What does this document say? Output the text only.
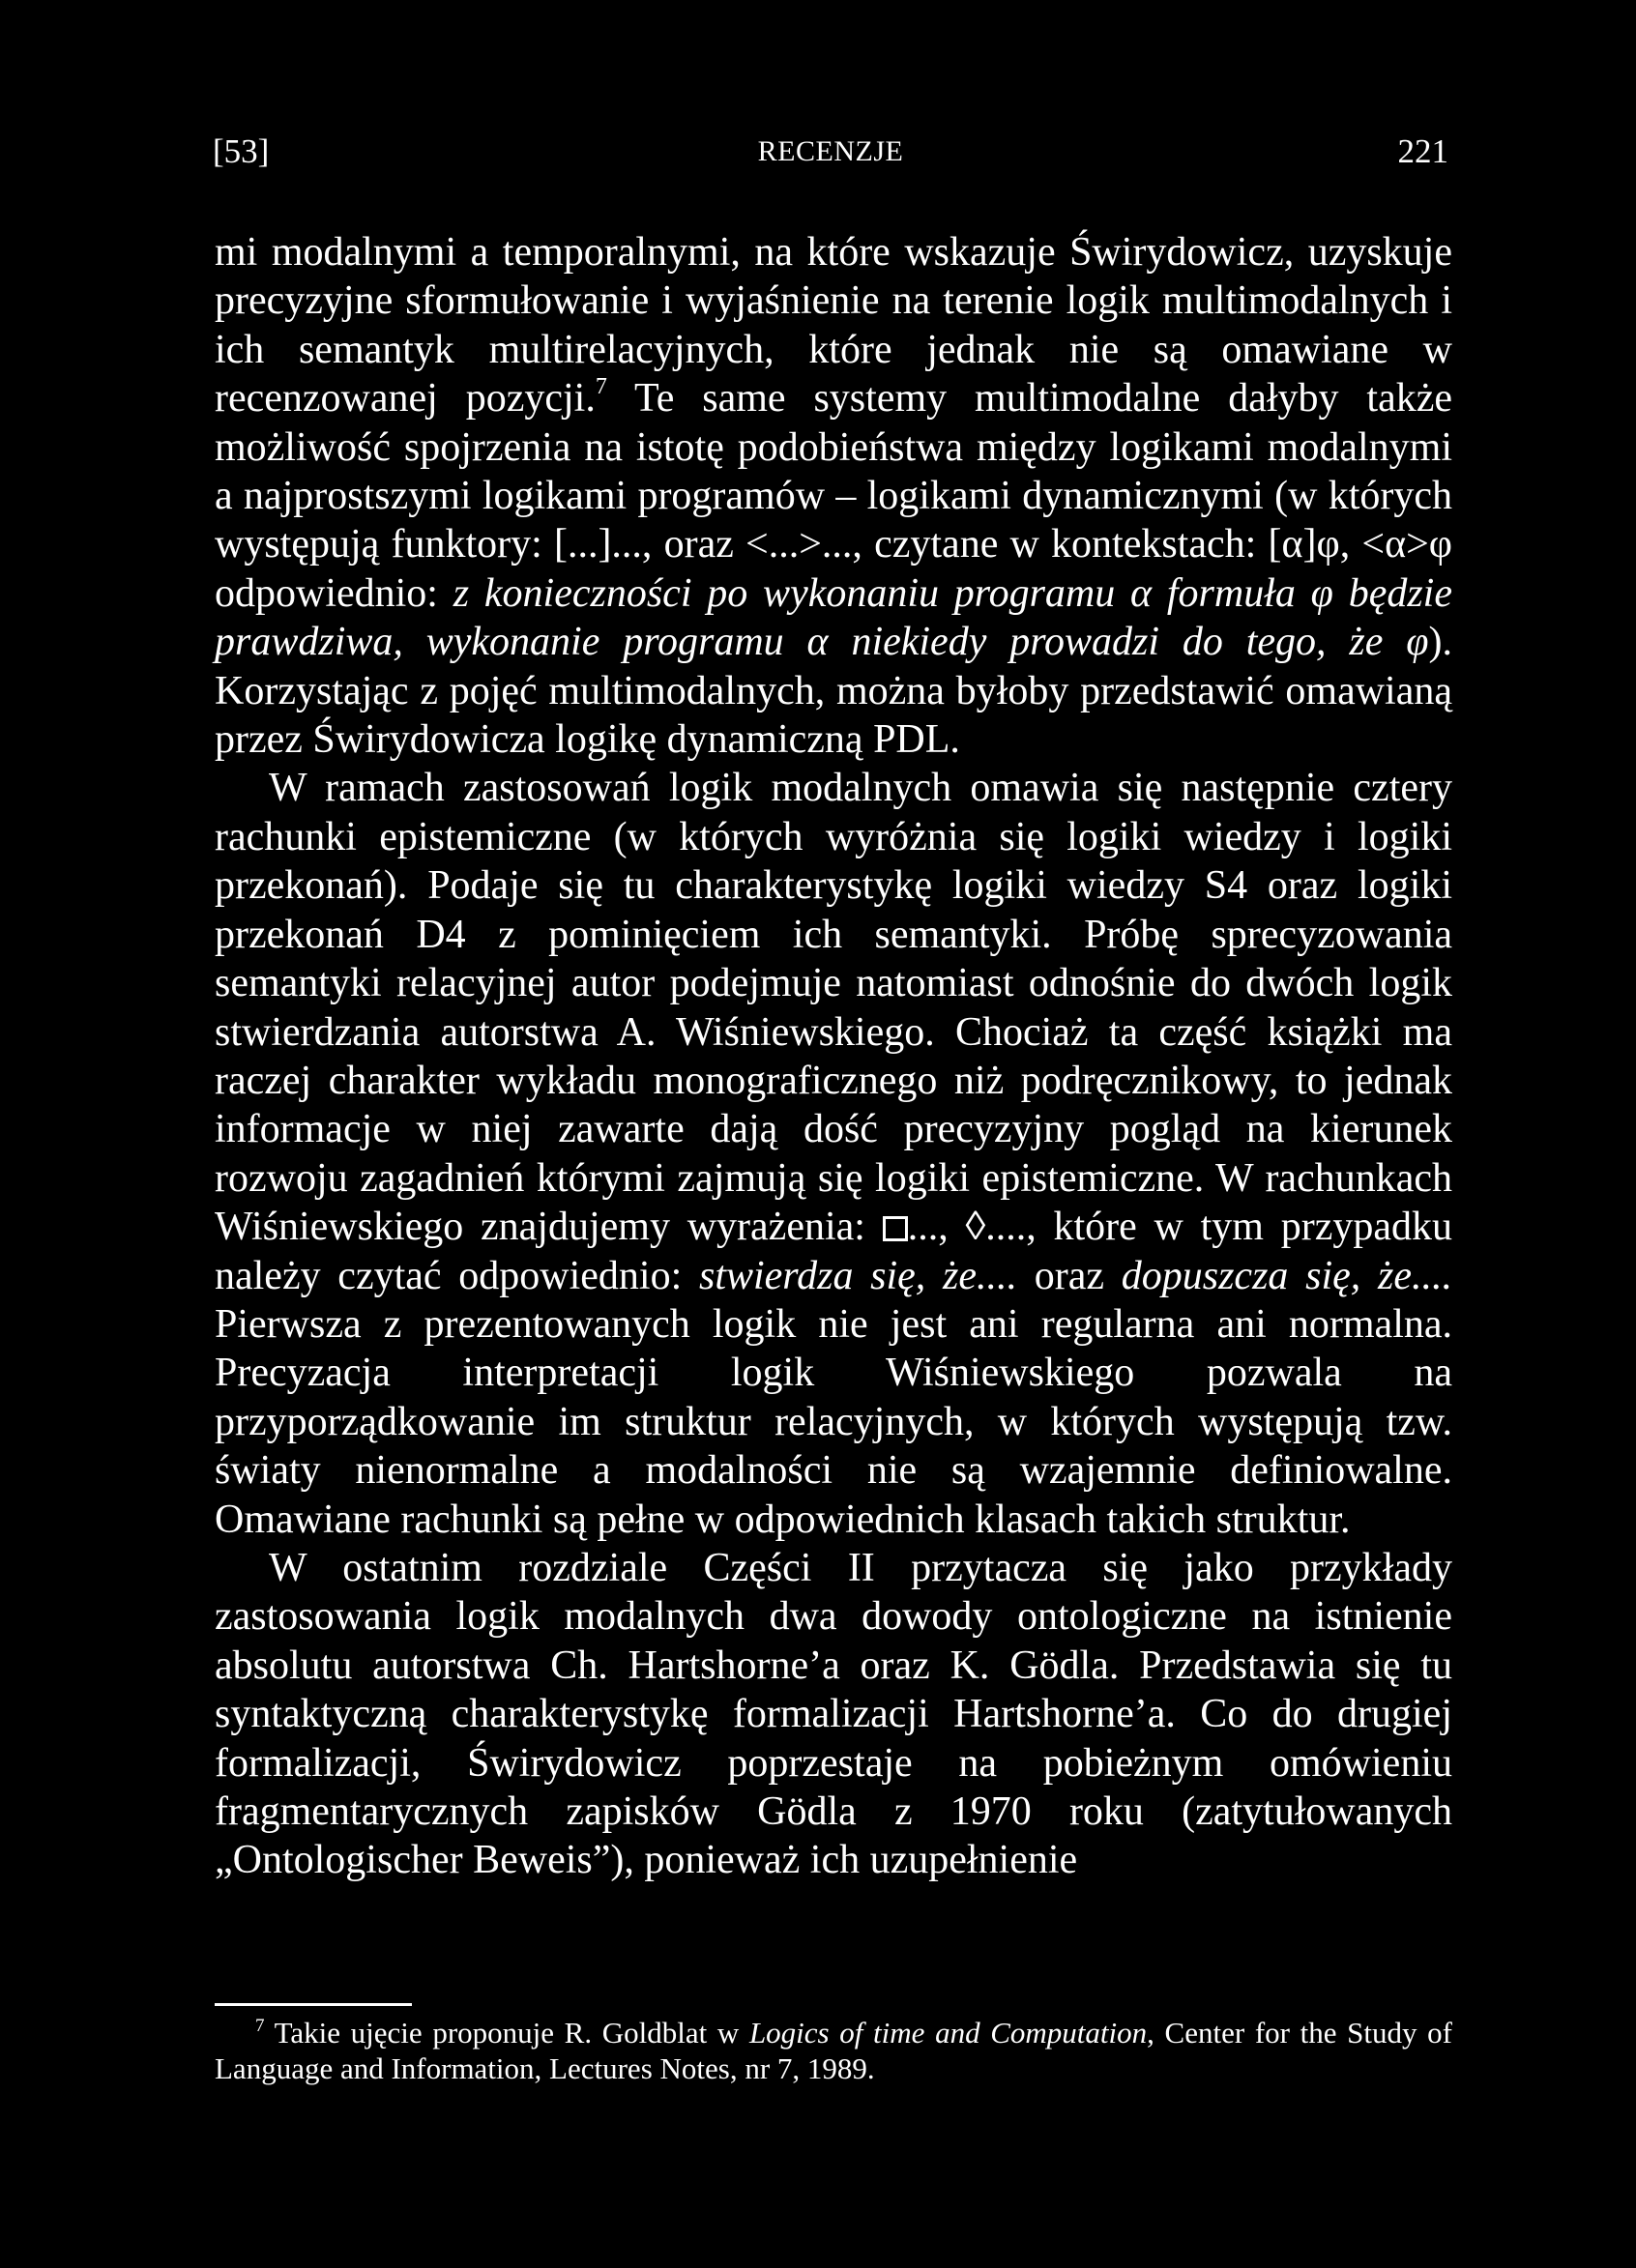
[53]	RECENZJE	221

mi modalnymi a temporalnymi, na które wskazuje Świrydowicz, uzyskuje precyzyjne sformułowanie i wyjaśnienie na terenie logik multimodalnych i ich semantyk multirelacyjnych, które jednak nie są omawiane w recenzowanej pozycji.$^7$ Te same systemy multimodalne dałyby także możliwość spojrzenia na istotę podobieństwa między logikami modalnymi a najprostszymi logikami programów – logikami dynamicznymi (w których występują funktory: [...]..., oraz <...>..., czytane w kontekstach: [α]φ, <α>φ odpowiednio: z konieczności po wykonaniu programu α formuła φ będzie prawdziwa, wykonanie programu α niekiedy prowadzi do tego, że φ). Korzystając z pojęć multimodalnych, można byłoby przedstawić omawianą przez Świrydowicza logikę dynamiczną PDL.

W ramach zastosowań logik modalnych omawia się następnie cztery rachunki epistemiczne (w których wyróżnia się logiki wiedzy i logiki przekonań). Podaje się tu charakterystykę logiki wiedzy S4 oraz logiki przekonań D4 z pominięciem ich semantyki. Próbę sprecyzowania semantyki relacyjnej autor podejmuje natomiast odnośnie do dwóch logik stwierdzania autorstwa A. Wiśniewskiego. Chociaż ta część książki ma raczej charakter wykładu monograficznego niż podręcznikowy, to jednak informacje w niej zawarte dają dość precyzyjny pogląd na kierunek rozwoju zagadnień którymi zajmują się logiki epistemiczne. W rachunkach Wiśniewskiego znajdujemy wyrażenia: ..., ◊...., które w tym przypadku należy czytać odpowiednio: stwierdza się, że.... oraz dopuszcza się, że.... Pierwsza z prezentowanych logik nie jest ani regularna ani normalna. Precyzacja interpretacji logik Wiśniewskiego pozwala na przyporządkowanie im struktur relacyjnych, w których występują tzw. światy nienormalne a modalności nie są wzajemnie definiowalne. Omawiane rachunki są pełne w odpowiednich klasach takich struktur.

W ostatnim rozdziale Części II przytacza się jako przykłady zastosowania logik modalnych dwa dowody ontologiczne na istnienie absolutu autorstwa Ch. Hartshorne’a oraz K. Gödla. Przedstawia się tu syntaktyczną charakterystykę formalizacji Hartshorne’a. Co do drugiej formalizacji, Świrydowicz poprzestaje na pobieżnym omówieniu fragmentarycznych zapisków Gödla z 1970 roku (zatytułowanych „Ontologischer Beweis”), ponieważ ich uzupełnienie

$^7$ Takie ujęcie proponuje R. Goldblat w Logics of time and Computation, Center for the Study of Language and Information, Lectures Notes, nr 7, 1989.
